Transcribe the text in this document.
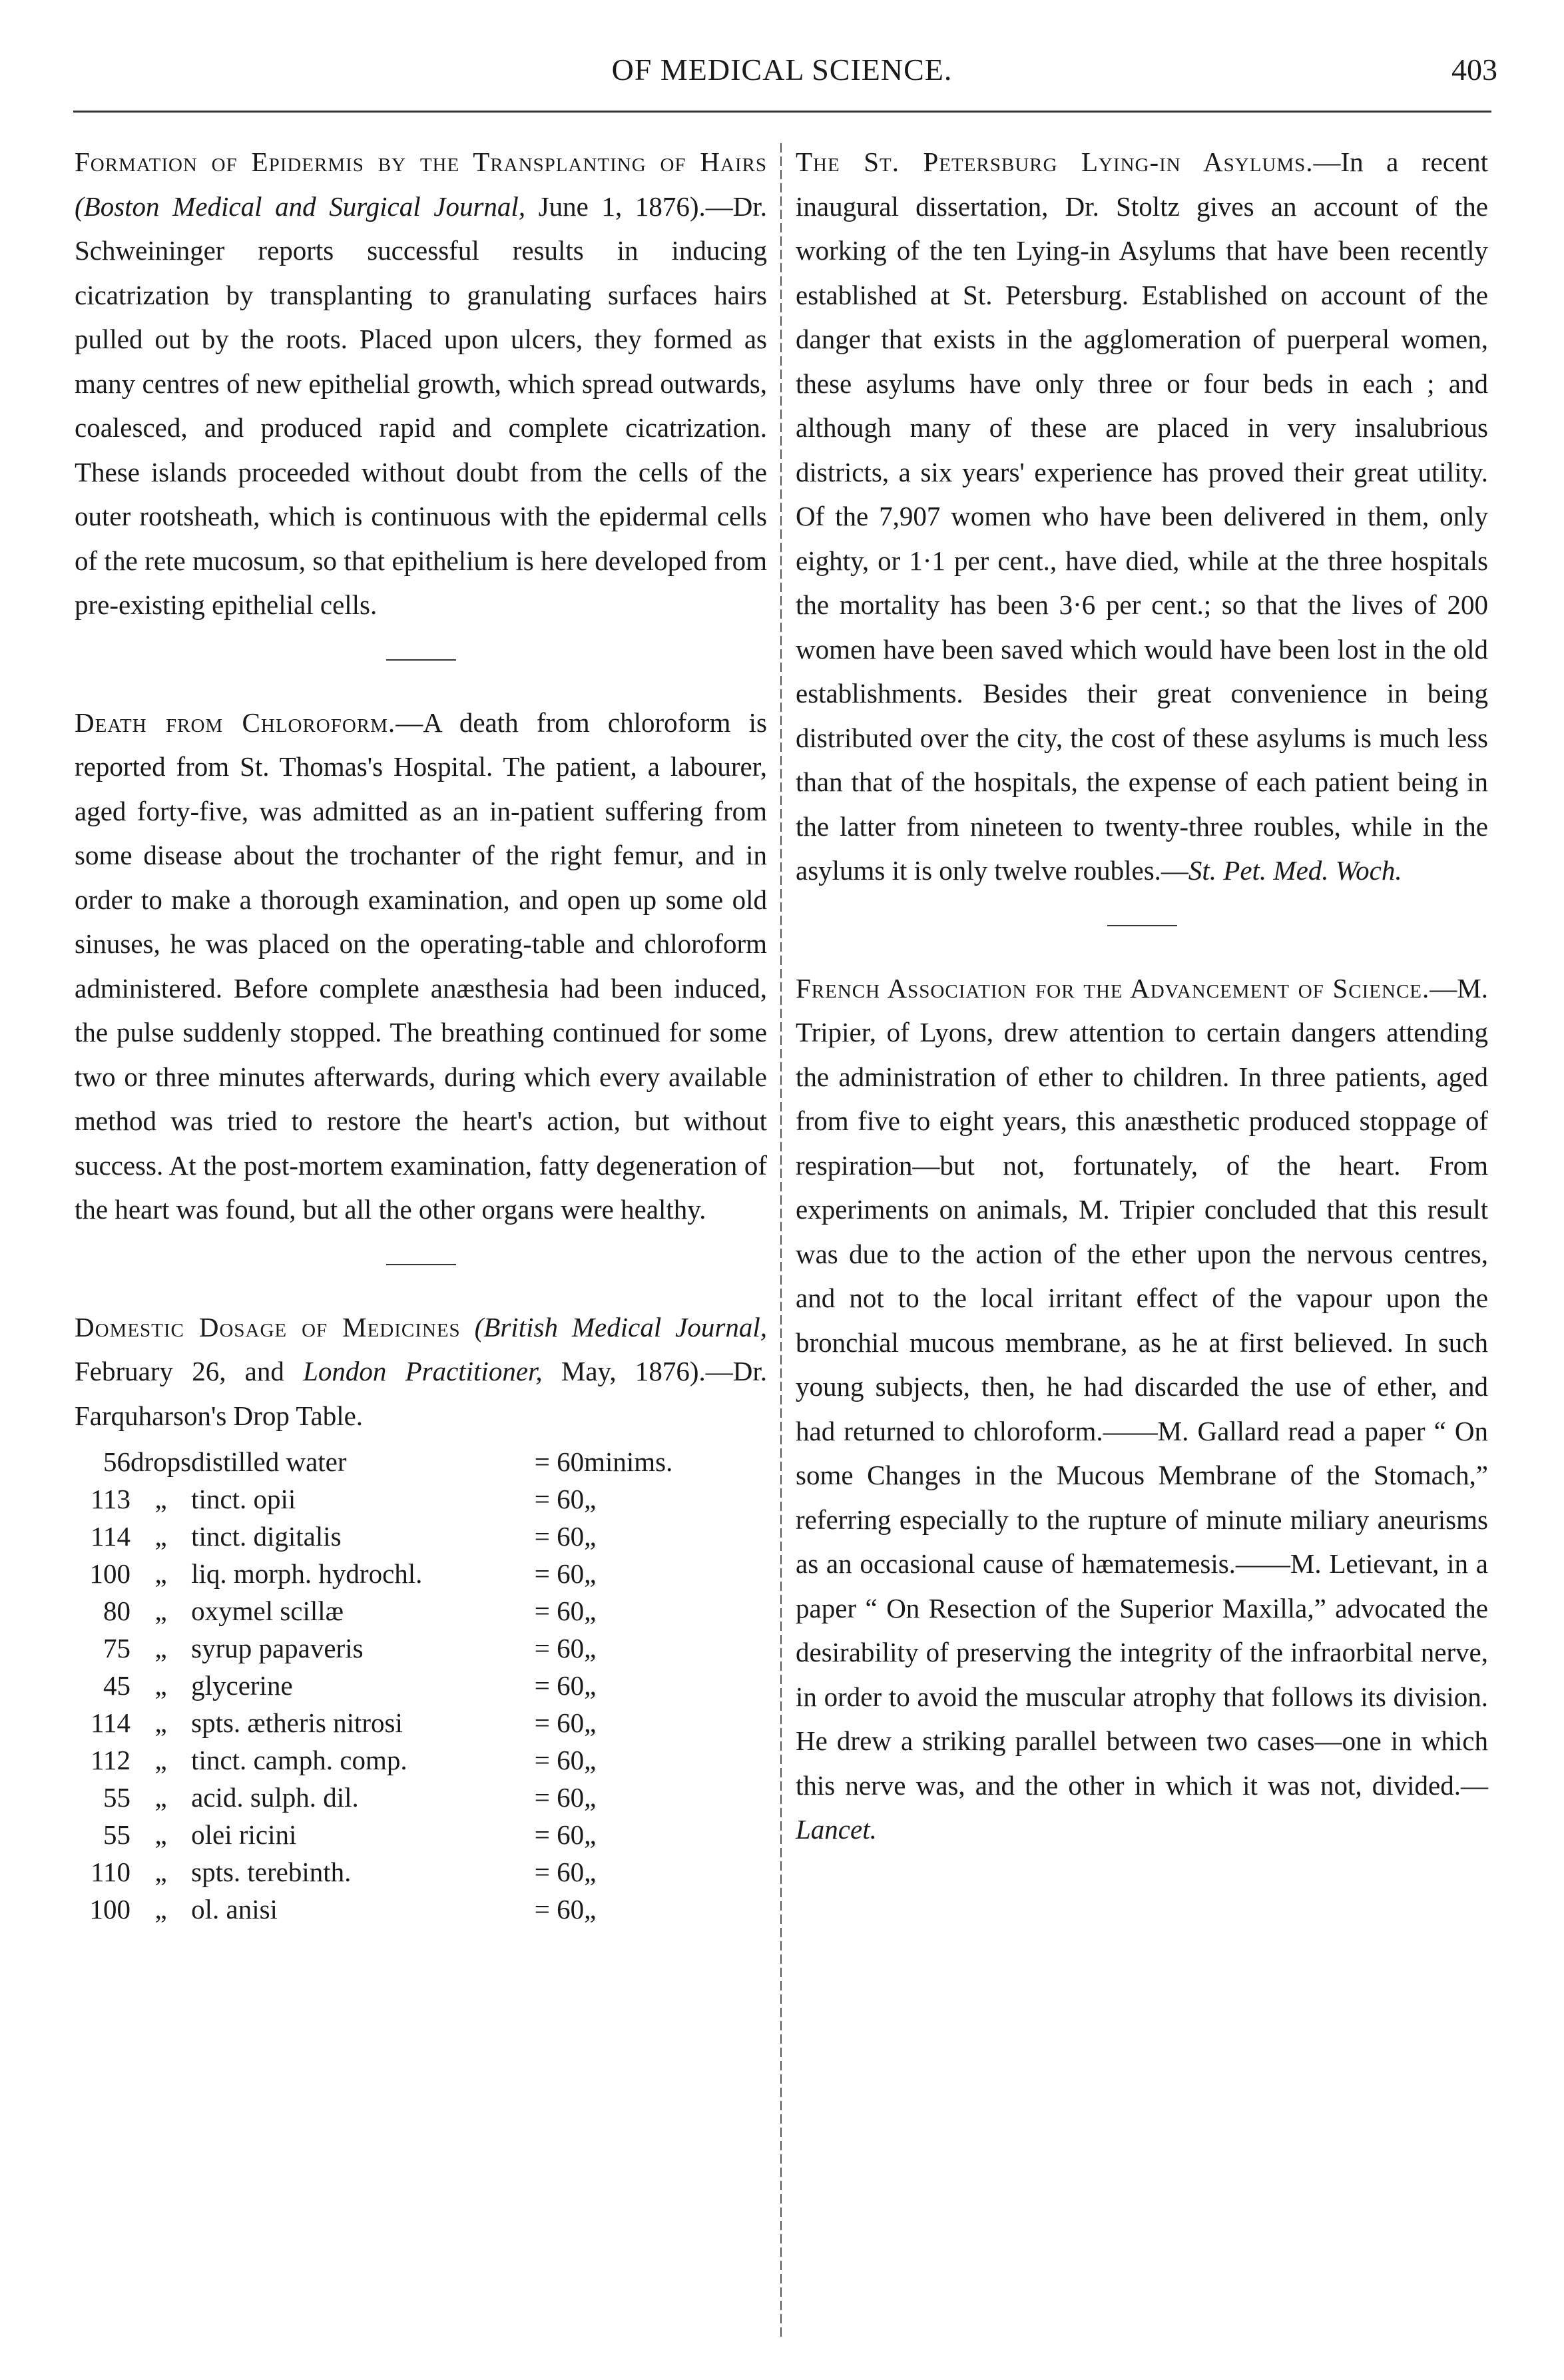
OF MEDICAL SCIENCE.	403

Formation of Epidermis by the Transplanting of Hairs (Boston Medical and Surgical Journal, June 1, 1876).—Dr. Schweininger reports successful results in inducing cicatrization by transplanting to granulating surfaces hairs pulled out by the roots. Placed upon ulcers, they formed as many centres of new epithelial growth, which spread outwards, coalesced, and produced rapid and complete cicatrization. These islands proceeded without doubt from the cells of the outer rootsheath, which is continuous with the epidermal cells of the rete mucosum, so that epithelium is here developed from pre-existing epithelial cells.

Death from Chloroform.—A death from chloroform is reported from St. Thomas's Hospital. The patient, a labourer, aged forty-five, was admitted as an in-patient suffering from some disease about the trochanter of the right femur, and in order to make a thorough examination, and open up some old sinuses, he was placed on the operating-table and chloroform administered. Before complete anæsthesia had been induced, the pulse suddenly stopped. The breathing continued for some two or three minutes afterwards, during which every available method was tried to restore the heart's action, but without success. At the post-mortem examination, fatty degeneration of the heart was found, but all the other organs were healthy.

Domestic Dosage of Medicines (British Medical Journal, February 26, and London Practitioner, May, 1876).—Dr. Farquharson's Drop Table.

56	drops	distilled water	= 60	minims.
113	„	tinct. opii	= 60	„
114	„	tinct. digitalis	= 60	„
100	„	liq. morph. hydrochl.	= 60	„
80	„	oxymel scillæ	= 60	„
75	„	syrup papaveris	= 60	„
45	„	glycerine	= 60	„
114	„	spts. ætheris nitrosi	= 60	„
112	„	tinct. camph. comp.	= 60	„
55	„	acid. sulph. dil.	= 60	„
55	„	olei ricini	= 60	„
110	„	spts. terebinth.	= 60	„
100	„	ol. anisi	= 60	„

The St. Petersburg Lying-in Asylums.—In a recent inaugural dissertation, Dr. Stoltz gives an account of the working of the ten Lying-in Asylums that have been recently established at St. Petersburg. Established on account of the danger that exists in the agglomeration of puerperal women, these asylums have only three or four beds in each ; and although many of these are placed in very insalubrious districts, a six years' experience has proved their great utility. Of the 7,907 women who have been delivered in them, only eighty, or 1·1 per cent., have died, while at the three hospitals the mortality has been 3·6 per cent.; so that the lives of 200 women have been saved which would have been lost in the old establishments. Besides their great convenience in being distributed over the city, the cost of these asylums is much less than that of the hospitals, the expense of each patient being in the latter from nineteen to twenty-three roubles, while in the asylums it is only twelve roubles.—St. Pet. Med. Woch.

French Association for the Advancement of Science.—M. Tripier, of Lyons, drew attention to certain dangers attending the administration of ether to children. In three patients, aged from five to eight years, this anæsthetic produced stoppage of respiration—but not, fortunately, of the heart. From experiments on animals, M. Tripier concluded that this result was due to the action of the ether upon the nervous centres, and not to the local irritant effect of the vapour upon the bronchial mucous membrane, as he at first believed. In such young subjects, then, he had discarded the use of ether, and had returned to chloroform.——M. Gallard read a paper “ On some Changes in the Mucous Membrane of the Stomach,” referring especially to the rupture of minute miliary aneurisms as an occasional cause of hæmatemesis.——M. Letievant, in a paper “ On Resection of the Superior Maxilla,” advocated the desirability of preserving the integrity of the infraorbital nerve, in order to avoid the muscular atrophy that follows its division. He drew a striking parallel between two cases—one in which this nerve was, and the other in which it was not, divided.—Lancet.
